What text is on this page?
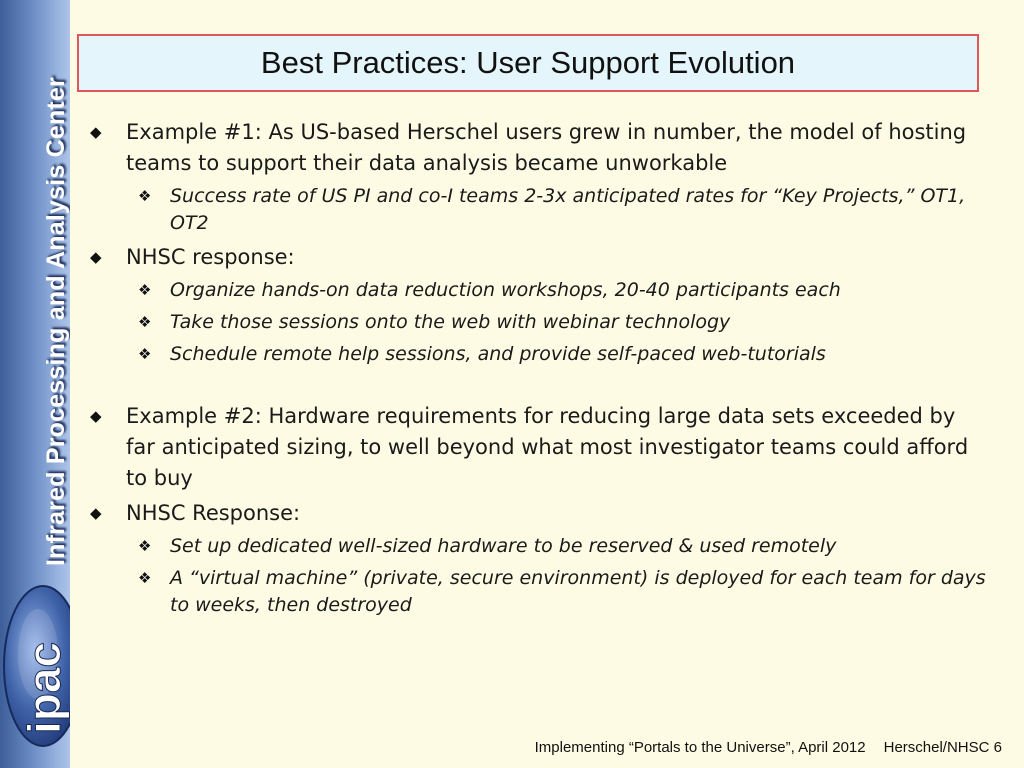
Infrared Processing and Analysis Center
ipac
Best Practices: User Support Evolution
◆ Example #1: As US-based Herschel users grew in number, the model of hosting teams to support their data analysis became unworkable
❖ Success rate of US PI and co-I teams 2-3x anticipated rates for “Key Projects,” OT1, OT2
◆ NHSC response:
❖ Organize hands-on data reduction workshops, 20-40 participants each
❖ Take those sessions onto the web with webinar technology
❖ Schedule remote help sessions, and provide self-paced web-tutorials
◆ Example #2: Hardware requirements for reducing large data sets exceeded by far anticipated sizing, to well beyond what most investigator teams could afford to buy
◆ NHSC Response:
❖ Set up dedicated well-sized hardware to be reserved & used remotely
❖ A “virtual machine” (private, secure environment) is deployed for each team for days to weeks, then destroyed
Implementing “Portals to the Universe”, April 2012 Herschel/NHSC 6
